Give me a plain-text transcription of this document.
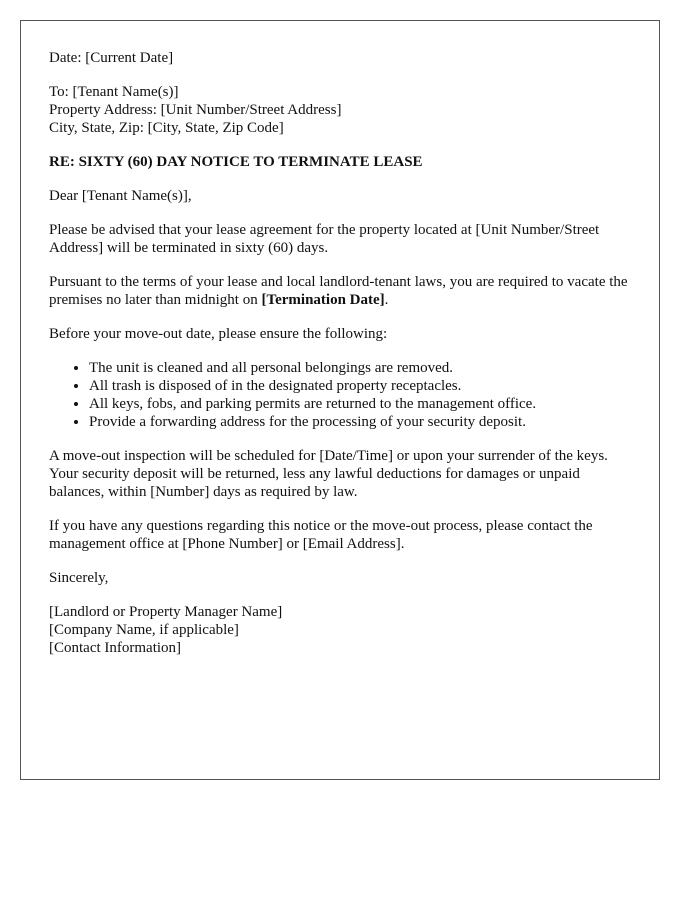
Date: [Current Date]
To: [Tenant Name(s)]
Property Address: [Unit Number/Street Address]
City, State, Zip: [City, State, Zip Code]
RE: SIXTY (60) DAY NOTICE TO TERMINATE LEASE
Dear [Tenant Name(s)],
Please be advised that your lease agreement for the property located at [Unit Number/Street Address] will be terminated in sixty (60) days.
Pursuant to the terms of your lease and local landlord-tenant laws, you are required to vacate the premises no later than midnight on [Termination Date].
Before your move-out date, please ensure the following:
• The unit is cleaned and all personal belongings are removed.
• All trash is disposed of in the designated property receptacles.
• All keys, fobs, and parking permits are returned to the management office.
• Provide a forwarding address for the processing of your security deposit.
A move-out inspection will be scheduled for [Date/Time] or upon your surrender of the keys. Your security deposit will be returned, less any lawful deductions for damages or unpaid balances, within [Number] days as required by law.
If you have any questions regarding this notice or the move-out process, please contact the management office at [Phone Number] or [Email Address].
Sincerely,
[Landlord or Property Manager Name]
[Company Name, if applicable]
[Contact Information]
